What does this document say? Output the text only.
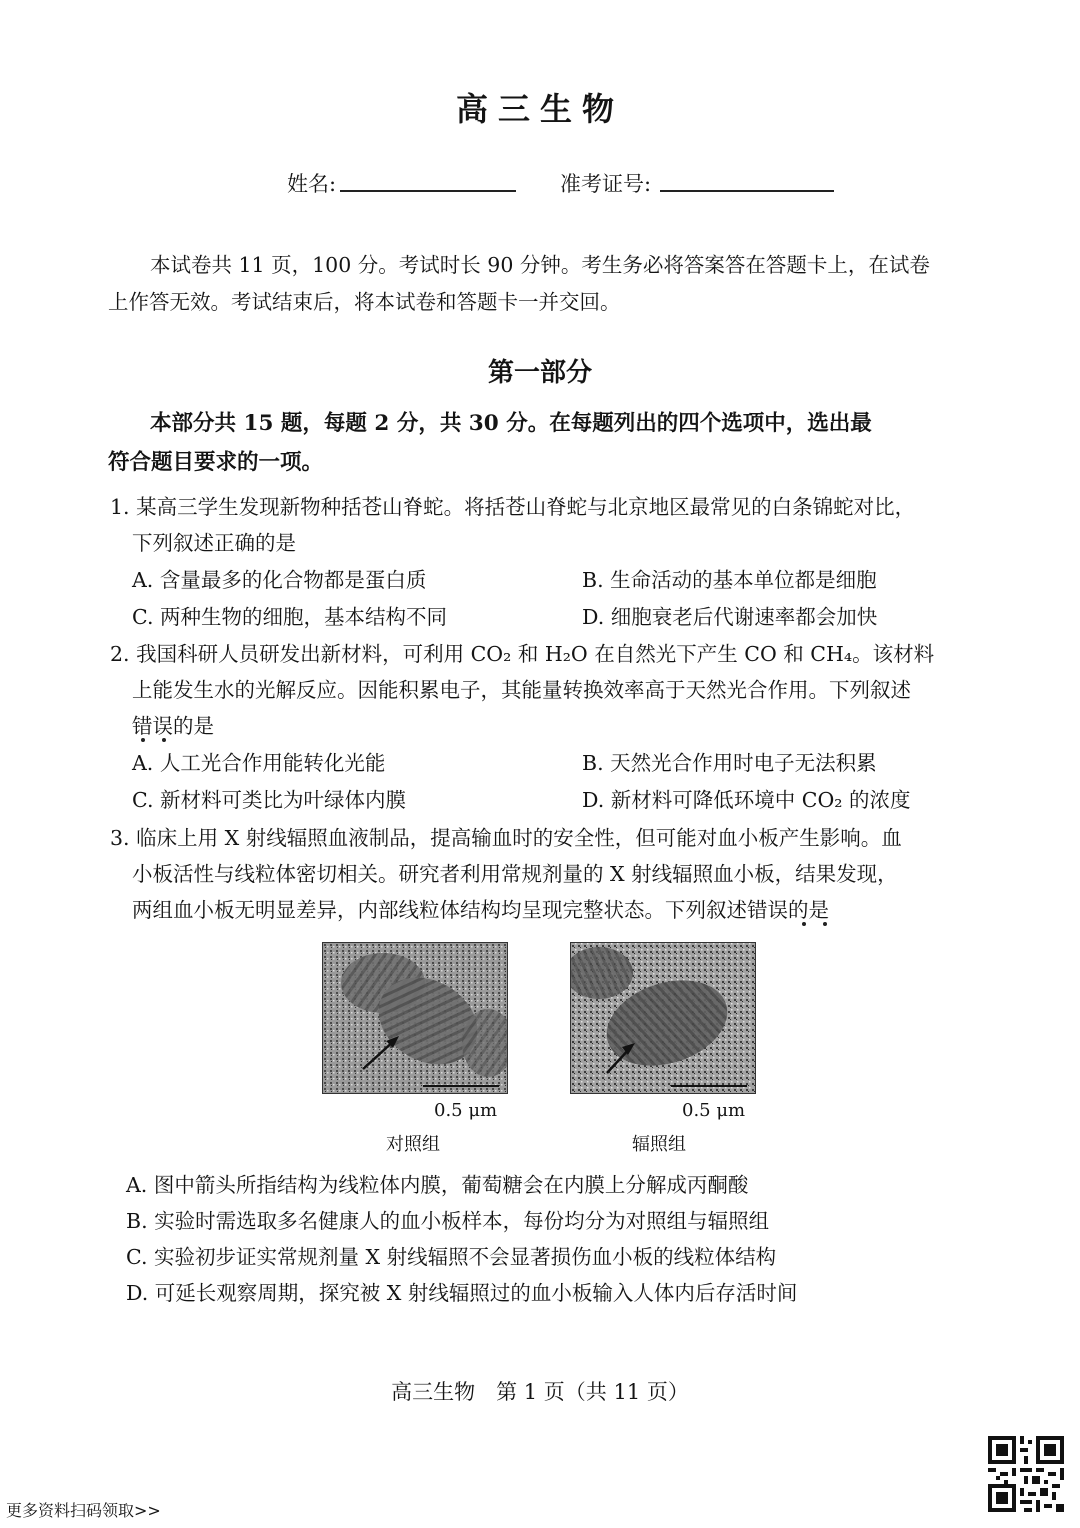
高三生物
姓名:	准考证号:
本试卷共 11 页，100 分。考试时长 90 分钟。考生务必将答案答在答题卡上，在试卷
上作答无效。考试结束后，将本试卷和答题卡一并交回。
第一部分
本部分共 15 题，每题 2 分，共 30 分。在每题列出的四个选项中，选出最
符合题目要求的一项。
1. 某高三学生发现新物种括苍山脊蛇。将括苍山脊蛇与北京地区最常见的白条锦蛇对比，
下列叙述正确的是
A. 含量最多的化合物都是蛋白质	B. 生命活动的基本单位都是细胞
C. 两种生物的细胞，基本结构不同	D. 细胞衰老后代谢速率都会加快
2. 我国科研人员研发出新材料，可利用 CO₂ 和 H₂O 在自然光下产生 CO 和 CH₄。该材料
上能发生水的光解反应。因能积累电子，其能量转换效率高于天然光合作用。下列叙述
错误的是
A. 人工光合作用能转化光能	B. 天然光合作用时电子无法积累
C. 新材料可类比为叶绿体内膜	D. 新材料可降低环境中 CO₂ 的浓度
3. 临床上用 X 射线辐照血液制品，提高输血时的安全性，但可能对血小板产生影响。血
小板活性与线粒体密切相关。研究者利用常规剂量的 X 射线辐照血小板，结果发现，
两组血小板无明显差异，内部线粒体结构均呈现完整状态。下列叙述错误的是
0.5 μm	0.5 μm
对照组	辐照组
A. 图中箭头所指结构为线粒体内膜，葡萄糖会在内膜上分解成丙酮酸
B. 实验时需选取多名健康人的血小板样本，每份均分为对照组与辐照组
C. 实验初步证实常规剂量 X 射线辐照不会显著损伤血小板的线粒体结构
D. 可延长观察周期，探究被 X 射线辐照过的血小板输入人体内后存活时间
高三生物　第 1 页（共 11 页）
更多资料扫码领取>>
